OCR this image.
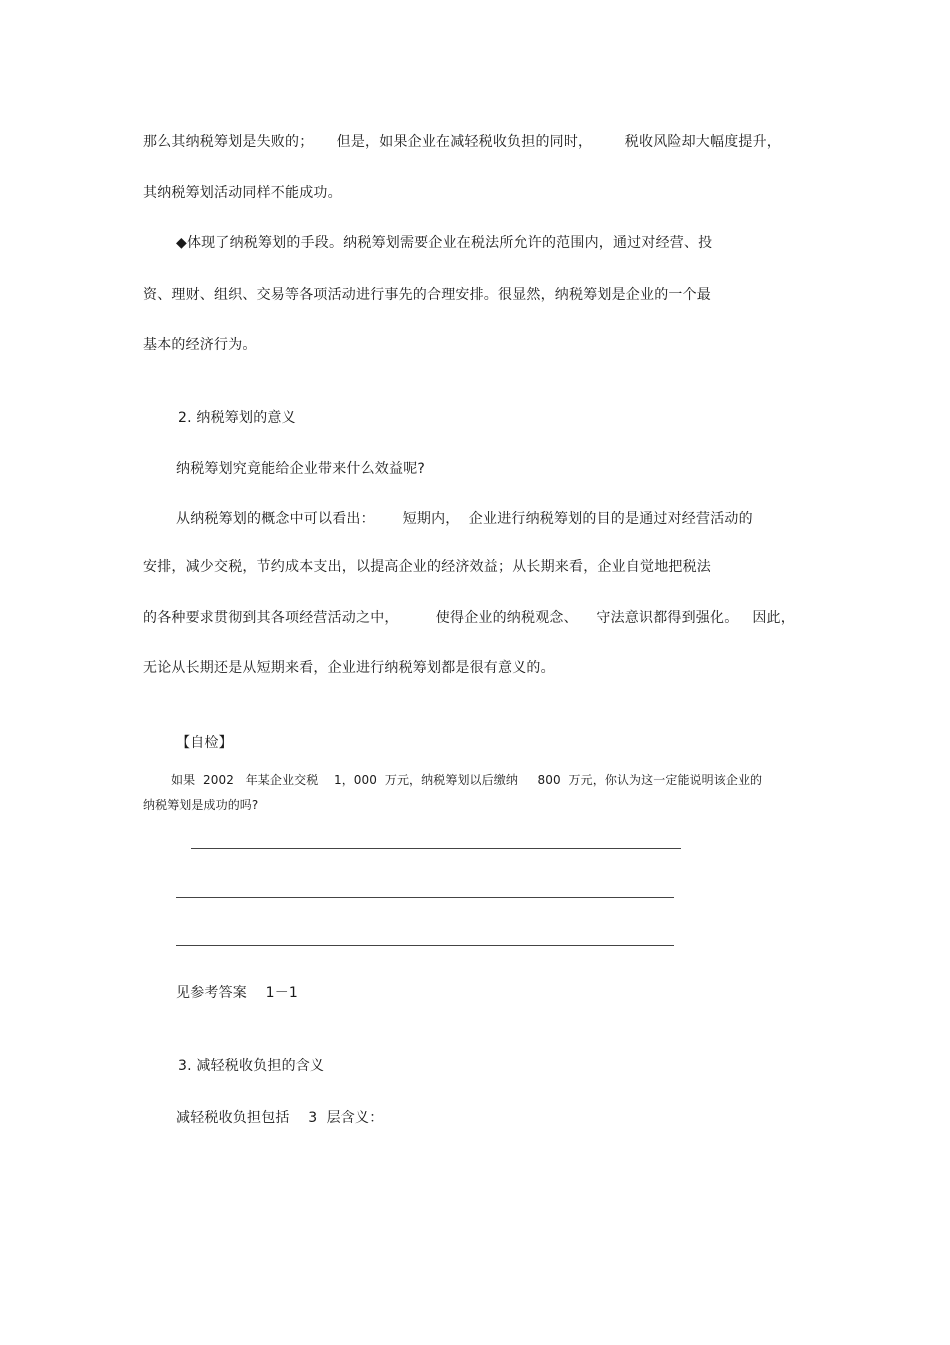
那么其纳税筹划是失败的；     但是，如果企业在减轻税收负担的同时，       税收风险却大幅度提升，
其纳税筹划活动同样不能成功。
◆体现了纳税筹划的手段。纳税筹划需要企业在税法所允许的范围内，通过对经营、投
资、理财、组织、交易等各项活动进行事先的合理安排。很显然，纳税筹划是企业的一个最
基本的经济行为。
2. 纳税筹划的意义
纳税筹划究竟能给企业带来什么效益呢?
从纳税筹划的概念中可以看出：      短期内，  企业进行纳税筹划的目的是通过对经营活动的
安排，减少交税，节约成本支出，以提高企业的经济效益；从长期来看，企业自觉地把税法
的各种要求贯彻到其各项经营活动之中，        使得企业的纳税观念、    守法意识都得到强化。   因此，
无论从长期还是从短期来看，企业进行纳税筹划都是很有意义的。
【自检】
如果  2002   年某企业交税    1，000  万元，纳税筹划以后缴纳     800  万元，你认为这一定能说明该企业的
纳税筹划是成功的吗?
见参考答案    1－1
3. 减轻税收负担的含义
减轻税收负担包括    3  层含义：
